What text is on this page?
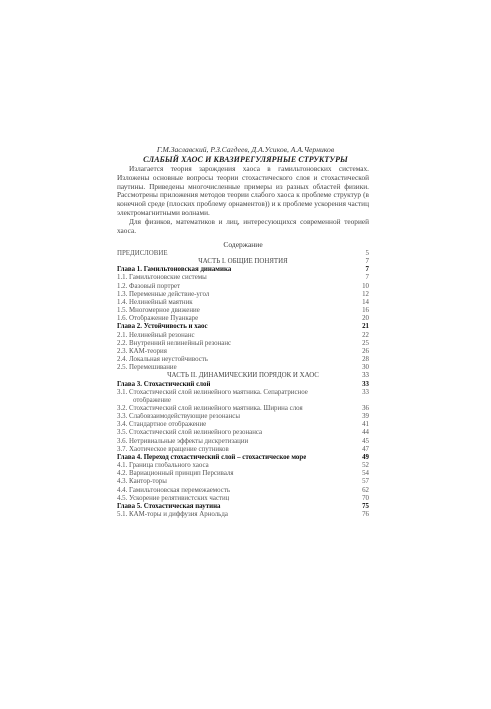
Г.М.Заславский, Р.З.Сагдеев, Д.А.Усиков, А.А.Черников
СЛАБЫЙ ХАОС И КВАЗИРЕГУЛЯРНЫЕ СТРУКТУРЫ

Излагается теория зарождения хаоса в гамильтоновских системах. Изложены основные вопросы теории стохастического слоя и стохастической паутины. Приведены многочисленные примеры из разных областей физики. Рассмотрены приложения методов теории слабого хаоса к проблеме структур (в конечной среде (плоских проблему орнаментов)) и к проблеме ускорения частиц электромагнитными волнами.

Для физиков, математиков и лиц, интересующихся современной теорией хаоса.

Содержание
ПРЕДИСЛОВИЕ	5
ЧАСТЬ I. ОБЩИЕ ПОНЯТИЯ	7
Глава 1. Гамильтоновская динамика	7
1.1. Гамильтоновские системы	7
1.2. Фазовый портрет	10
1.3. Переменные действие-угол	12
1.4. Нелинейный маятник	14
1.5. Многомерное движение	16
1.6. Отображение Пуанкаре	20
Глава 2. Устойчивость и хаос	21
2.1. Нелинейный резонанс	22
2.2. Внутренний нелинейный резонанс	25
2.3. КАМ-теория	26
2.4. Локальная неустойчивость	28
2.5. Перемешивание	30
ЧАСТЬ II. ДИНАМИЧЕСКИЙ ПОРЯДОК И ХАОС	33
Глава 3. Стохастический слой	33
3.1. Стохастический слой нелинейного маятника. Сепаратрисное	33
отображение
3.2. Стохастический слой нелинейного маятника. Ширина слоя	36
3.3. Слабовзаимодействующие резонансы	39
3.4. Стандартное отображение	41
3.5. Стохастический слой нелинейного резонанса	44
3.6. Нетривиальные эффекты дискретизации	45
3.7. Хаотическое вращение спутников	47
Глава 4. Переход стохастический слой – стохастическое море	49
4.1. Граница глобального хаоса	52
4.2. Вариационный принцип Персиваля	54
4.3. Кантор-торы	57
4.4. Гамильтоновская перемежаемость	62
4.5. Ускорение релятивистских частиц	70
Глава 5. Стохастическая паутина	75
5.1. КАМ-торы и диффузия Арнольда	76
